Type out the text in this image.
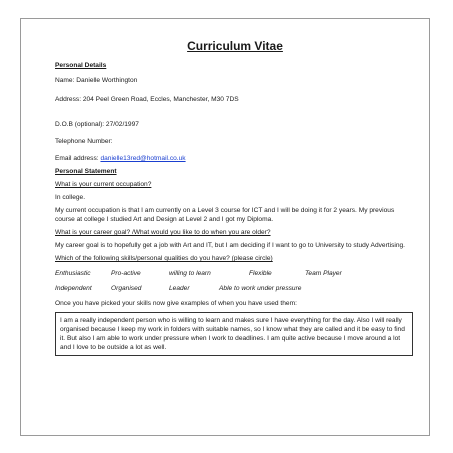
Curriculum Vitae

Personal Details

Name: Danielle Worthington

Address: 204 Peel Green Road, Eccles, Manchester, M30 7DS

D.O.B (optional): 27/02/1997

Telephone Number:

Email address: danielle13red@hotmail.co.uk

Personal Statement

What is your current occupation?

In college.

My current occupation is that I am currently on a Level 3 course for ICT and I will be doing it for 2 years. My previous course at college I studied Art and Design at Level 2 and I got my Diploma.

What is your career goal? /What would you like to do when you are older?

My career goal is to hopefully get a job with Art and IT, but I am deciding if I want to go to University to study Advertising.

Which of the following skills/personal qualities do you have? (please circle)

Enthusiastic	Pro-active	willing to learn	Flexible	Team Player
Independent	Organised	Leader	Able to work under pressure

Once you have picked your skills now give examples of when you have used them:

I am a really independent person who is willing to learn and makes sure I have everything for the day. Also I will really organised because I keep my work in folders with suitable names, so I know what they are called and it be easy to find it. But also I am able to work under pressure when I work to deadlines. I am quite active because I move around a lot and I love to be outside a lot as well.
